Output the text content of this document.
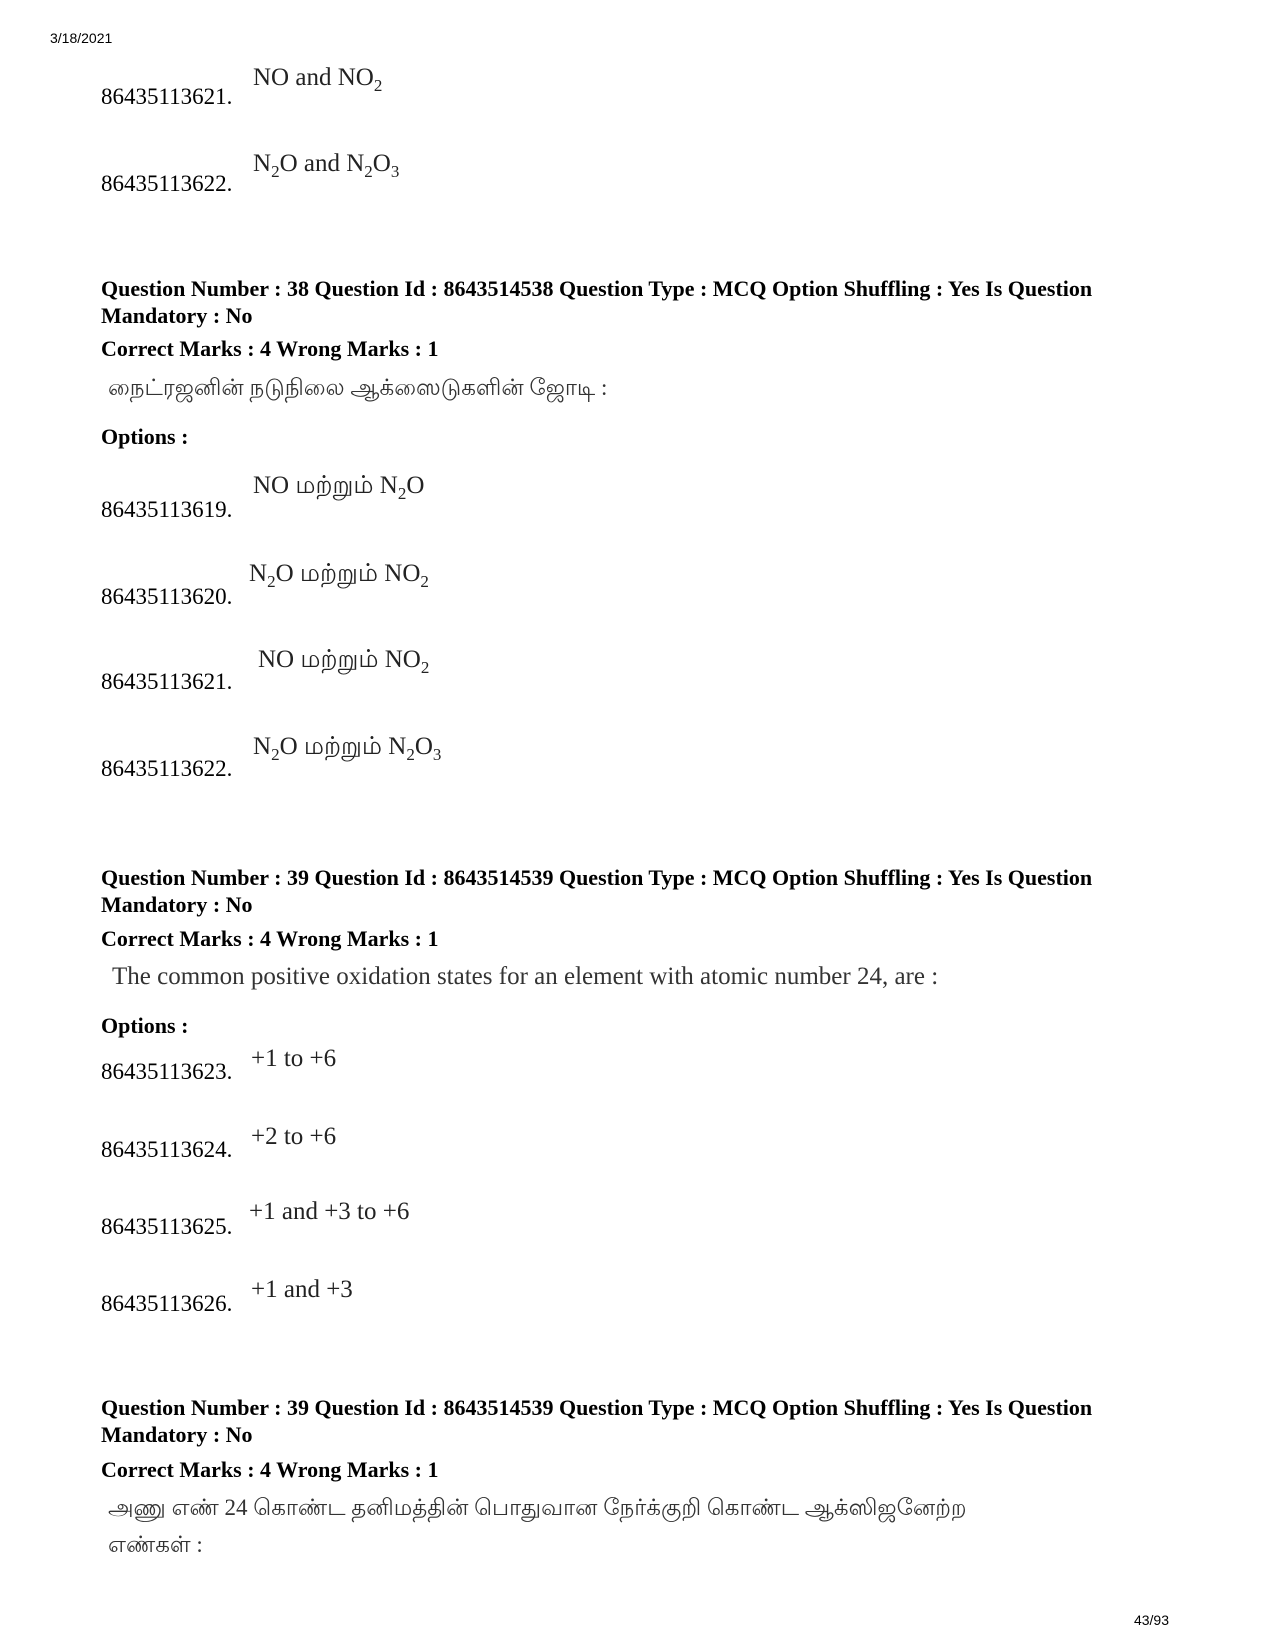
3/18/2021
86435113621.
NO and $NO_2$
86435113622.
$N_2O$ and $N_2O_3$
Question Number : 38 Question Id : 8643514538 Question Type : MCQ Option Shuffling : Yes Is Question Mandatory : No
Correct Marks : 4 Wrong Marks : 1
நைட்ரஜனின் நடுநிலை ஆக்ஸைடுகளின் ஜோடி :
Options :
86435113619.
NO மற்றும் $N_2O$
86435113620.
$N_2O$ மற்றும் $NO_2$
86435113621.
NO மற்றும் $NO_2$
86435113622.
$N_2O$ மற்றும் $N_2O_3$
Question Number : 39 Question Id : 8643514539 Question Type : MCQ Option Shuffling : Yes Is Question Mandatory : No
Correct Marks : 4 Wrong Marks : 1
The common positive oxidation states for an element with atomic number 24, are :
Options :
86435113623. +1 to +6
86435113624. +2 to +6
86435113625.
+1 and +3 to +6
86435113626.
+1 and +3
Question Number : 39 Question Id : 8643514539 Question Type : MCQ Option Shuffling : Yes Is Question Mandatory : No
Correct Marks : 4 Wrong Marks : 1
அணு எண் 24 கொண்ட தனிமத்தின் பொதுவான நேர்க்குறி கொண்ட ஆக்ஸிஜனேற்ற
எண்கள் :
43/93
